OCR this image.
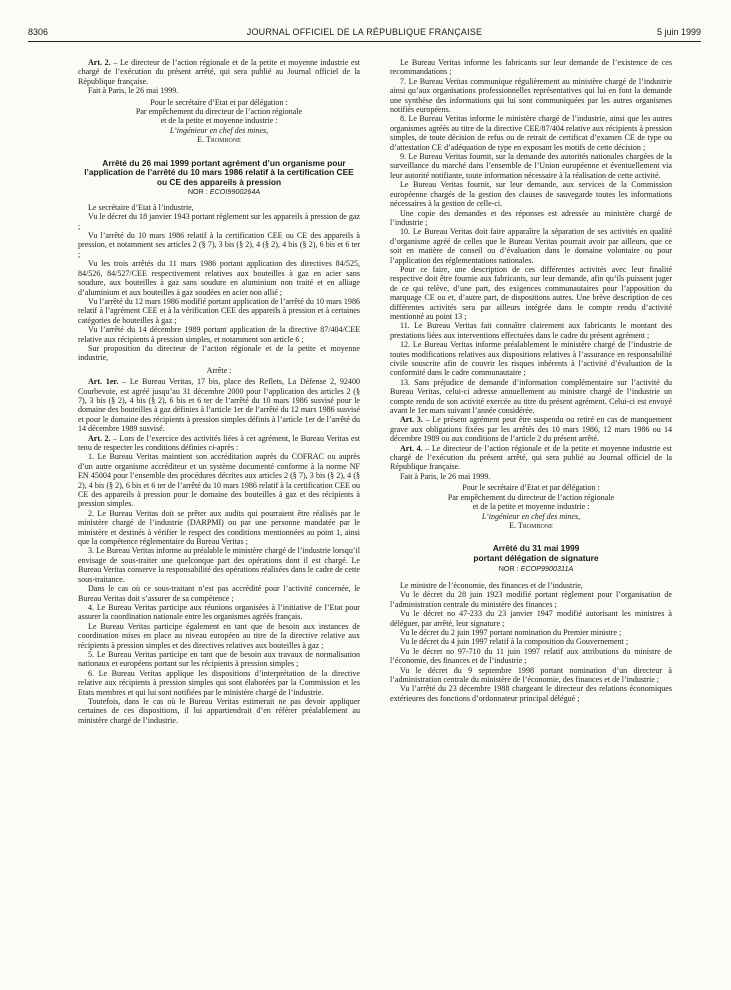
8306	JOURNAL OFFICIEL DE LA RÉPUBLIQUE FRANÇAISE	5 juin 1999

Art. 2. – Le directeur de l’action régionale et de la petite et moyenne industrie est chargé de l’exécution du présent arrêté, qui sera publié au Journal officiel de la République française.

Fait à Paris, le 26 mai 1999.

Pour le secrétaire d’Etat et par délégation :

Par empêchement du directeur de l’action régionale

et de la petite et moyenne industrie :

L’ingénieur en chef des mines,

E. Trombone

Arrêté du 26 mai 1999 portant agrément d’un organisme pour l’application de l’arrêté du 10 mars 1986 relatif à la certification CEE ou CE des appareils à pression

NOR : ECOI9900264A

Le secrétaire d’Etat à l’industrie,

Vu le décret du 18 janvier 1943 portant règlement sur les appareils à pression de gaz ;

Vu l’arrêté du 10 mars 1986 relatif à la certification CEE ou CE des appareils à pression, et notamment ses articles 2 (§ 7), 3 bis (§ 2), 4 (§ 2), 4 bis (§ 2), 6 bis et 6 ter ;

Vu les trois arrêtés du 11 mars 1986 portant application des directives 84/525, 84/526, 84/527/CEE respectivement relatives aux bouteilles à gaz en acier sans soudure, aux bouteilles à gaz sans soudure en aluminium non traité et en alliage d’aluminium et aux bouteilles à gaz soudées en acier non allié ;

Vu l’arrêté du 12 mars 1986 modifié portant application de l’arrêté du 10 mars 1986 relatif à l’agrément CEE et à la vérification CEE des appareils à pression et à certaines catégories de bouteilles à gaz ;

Vu l’arrêté du 14 décembre 1989 portant application de la directive 87/404/CEE relative aux récipients à pression simples, et notamment son article 6 ;

Sur proposition du directeur de l’action régionale et de la petite et moyenne industrie,

Arrête :

Art. 1er. – Le Bureau Veritas, 17 bis, place des Reflets, La Défense 2, 92400 Courbevoie, est agréé jusqu’au 31 décembre 2000 pour l’application des articles 2 (§ 7), 3 bis (§ 2), 4 bis (§ 2), 6 bis et 6 ter de l’arrêté du 10 mars 1986 susvisé pour le domaine des bouteilles à gaz définies à l’article 1er de l’arrêté du 12 mars 1986 susvisé et pour le domaine des récipients à pression simples définis à l’article 1er de l’arrêté du 14 décembre 1989 susvisé.

Art. 2. – Lors de l’exercice des activités liées à cet agrément, le Bureau Veritas est tenu de respecter les conditions définies ci-après :

1. Le Bureau Veritas maintient son accréditation auprès du COFRAC ou auprès d’un autre organisme accréditeur et un système documenté conforme à la norme NF EN 45004 pour l’ensemble des procédures décrites aux articles 2 (§ 7), 3 bis (§ 2), 4 (§ 2), 4 bis (§ 2), 6 bis et 6 ter de l’arrêté du 10 mars 1986 relatif à la certification CEE ou CE des appareils à pression pour le domaine des bouteilles à gaz et des récipients à pression simples.

2. Le Bureau Veritas doit se prêter aux audits qui pourraient être réalisés par le ministère chargé de l’industrie (DARPMI) ou par une personne mandatée par le ministère et destinés à vérifier le respect des conditions mentionnées au point 1, ainsi que la compétence réglementaire du Bureau Veritas ;

3. Le Bureau Veritas informe au préalable le ministère chargé de l’industrie lorsqu’il envisage de sous-traiter une quelconque part des opérations dont il est chargé. Le Bureau Veritas conserve la responsabilité des opérations réalisées dans le cadre de cette sous-traitance.

Dans le cas où ce sous-traitant n’est pas accrédité pour l’activité concernée, le Bureau Veritas doit s’assurer de sa compétence ;

4. Le Bureau Veritas participe aux réunions organisées à l’initiative de l’Etat pour assurer la coordination nationale entre les organismes agréés français.

Le Bureau Veritas participe également en tant que de besoin aux instances de coordination mises en place au niveau européen au titre de la directive relative aux récipients à pression simples et des directives relatives aux bouteilles à gaz ;

5. Le Bureau Veritas participe en tant que de besoin aux travaux de normalisation nationaux et européens portant sur les récipients à pression simples ;

6. Le Bureau Veritas applique les dispositions d’interprétation de la directive relative aux récipients à pression simples qui sont élaborées par la Commission et les Etats membres et qui lui sont notifiées par le ministère chargé de l’industrie.

Toutefois, dans le cas où le Bureau Veritas estimerait ne pas devoir appliquer certaines de ces dispositions, il lui appartiendrait d’en référer préalablement au ministère chargé de l’industrie.

Le Bureau Veritas informe les fabricants sur leur demande de l’existence de ces recommandations ;

7. Le Bureau Veritas communique régulièrement au ministère chargé de l’industrie ainsi qu’aux organisations professionnelles représentatives qui lui en font la demande une synthèse des informations qui lui sont communiquées par les autres organismes notifiés européens.

8. Le Bureau Veritas informe le ministère chargé de l’industrie, ainsi que les autres organismes agréés au titre de la directive CEE/87/404 relative aux récipients à pression simples, de toute décision de refus ou de retrait de certificat d’examen CE de type ou d’attestation CE d’adéquation de type en exposant les motifs de cette décision ;

9. Le Bureau Veritas fournit, sur la demande des autorités nationales chargées de la surveillance du marché dans l’ensemble de l’Union européenne et éventuellement via leur autorité notifiante, toute information nécessaire à la réalisation de cette activité.

Le Bureau Veritas fournit, sur leur demande, aux services de la Commission européenne chargés de la gestion des clauses de sauvegarde toutes les informations nécessaires à la gestion de celle-ci.

Une copie des demandes et des réponses est adressée au ministère chargé de l’industrie ;

10. Le Bureau Veritas doit faire apparaître la séparation de ses activités en qualité d’organisme agréé de celles que le Bureau Veritas pourrait avoir par ailleurs, que ce soit en matière de conseil ou d’évaluation dans le domaine volontaire ou pour l’application des réglementations nationales.

Pour ce faire, une description de ces différentes activités avec leur finalité respective doit être fournie aux fabricants, sur leur demande, afin qu’ils puissent juger de ce qui relève, d’une part, des exigences communautaires pour l’apposition du marquage CE ou et, d’autre part, de dispositions autres. Une brève description de ces différentes activités sera par ailleurs intégrée dans le compte rendu d’activité mentionné au point 13 ;

11. Le Bureau Veritas fait connaître clairement aux fabricants le montant des prestations liées aux interventions effectuées dans le cadre du présent agrément ;

12. Le Bureau Veritas informe préalablement le ministère chargé de l’industrie de toutes modifications relatives aux dispositions relatives à l’assurance en responsabilité civile souscrite afin de couvrir les risques inhérents à l’activité d’évaluation de la conformité dans le cadre communautaire ;

13. Sans préjudice de demande d’information complémentaire sur l’activité du Bureau Veritas, celui-ci adresse annuellement au ministre chargé de l’industrie un compte rendu de son activité exercée au titre du présent agrément. Celui-ci est envoyé avant le 1er mars suivant l’année considérée.

Art. 3. – Le présent agrément peut être suspendu ou retiré en cas de manquement grave aux obligations fixées par les arrêtés des 10 mars 1986, 12 mars 1986 ou 14 décembre 1989 ou aux conditions de l’article 2 du présent arrêté.

Art. 4. – Le directeur de l’action régionale et de la petite et moyenne industrie est chargé de l’exécution du présent arrêté, qui sera publié au Journal officiel de la République française.

Fait à Paris, le 26 mai 1999.

Pour le secrétaire d’Etat et par délégation :

Par empêchement du directeur de l’action régionale

et de la petite et moyenne industrie :

L’ingénieur en chef des mines,

E. Trombone

Arrêté du 31 mai 1999

portant délégation de signature

NOR : ECOP9900311A

Le ministre de l’économie, des finances et de l’industrie,

Vu le décret du 28 juin 1923 modifié portant règlement pour l’organisation de l’administration centrale du ministère des finances ;

Vu le décret no 47-233 du 23 janvier 1947 modifié autorisant les ministres à déléguer, par arrêté, leur signature ;

Vu le décret du 2 juin 1997 portant nomination du Premier ministre ;

Vu le décret du 4 juin 1997 relatif à la composition du Gouvernement ;

Vu le décret no 97-710 du 11 juin 1997 relatif aux attributions du ministre de l’économie, des finances et de l’industrie ;

Vu le décret du 9 septembre 1998 portant nomination d’un directeur à l’administration centrale du ministère de l’économie, des finances et de l’industrie ;

Vu l’arrêté du 23 décembre 1988 chargeant le directeur des relations économiques extérieures des fonctions d’ordonnateur principal délégué ;
